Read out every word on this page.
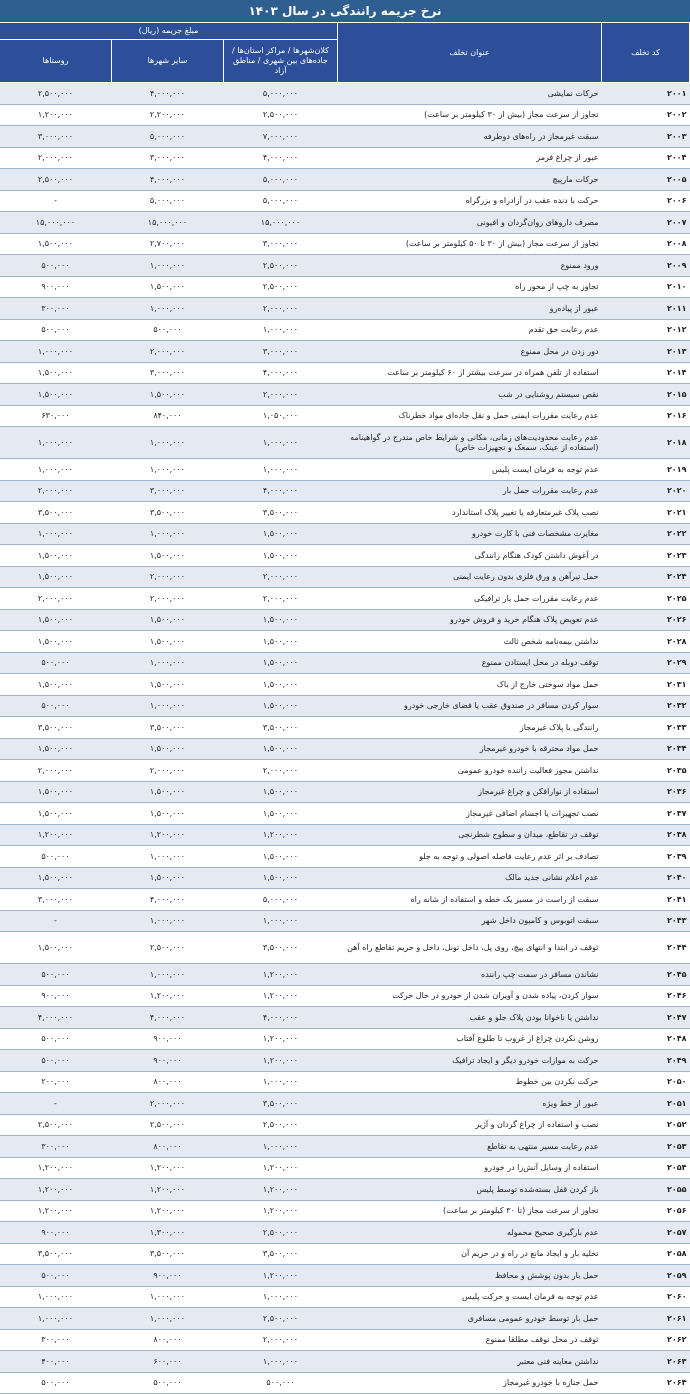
نرخ جریمه رانندگی در سال ۱۴۰۳
کد تخلف	عنوان تخلف	مبلغ جریمه (ریال)		
		کلان‌شهرها / مراکز استان‌ها / جاده‌های بین شهری / مناطق آزاد	سایر شهرها	روستاها
۲۰۰۱	حرکات نمایشی	۵,۰۰۰,۰۰۰	۴,۰۰۰,۰۰۰	۲,۵۰۰,۰۰۰
۲۰۰۲	تجاوز از سرعت مجاز (بیش از ۳۰ کیلومتر بر ساعت)	۲,۵۰۰,۰۰۰	۲,۲۰۰,۰۰۰	۱,۲۰۰,۰۰۰
۲۰۰۳	سبقت غیرمجاز در راه‌های دوطرفه	۷,۰۰۰,۰۰۰	۵,۰۰۰,۰۰۰	۳,۰۰۰,۰۰۰
۲۰۰۴	عبور از چراغ قرمز	۴,۰۰۰,۰۰۰	۳,۰۰۰,۰۰۰	۲,۰۰۰,۰۰۰
۲۰۰۵	حرکات مارپیچ	۵,۰۰۰,۰۰۰	۴,۰۰۰,۰۰۰	۲,۵۰۰,۰۰۰
۲۰۰۶	حرکت با دنده عقب در آزادراه و بزرگراه	۵,۰۰۰,۰۰۰	۵,۰۰۰,۰۰۰	-
۲۰۰۷	مصرف داروهای روان‌گردان و افیونی	۱۵,۰۰۰,۰۰۰	۱۵,۰۰۰,۰۰۰	۱۵,۰۰۰,۰۰۰
۲۰۰۸	تجاوز از سرعت مجاز (بیش از ۳۰ تا ۵۰ کیلومتر بر ساعت)	۳,۰۰۰,۰۰۰	۲,۷۰۰,۰۰۰	۱,۵۰۰,۰۰۰
۲۰۰۹	ورود ممنوع	۲,۵۰۰,۰۰۰	۱,۰۰۰,۰۰۰	۵۰۰,۰۰۰
۲۰۱۰	تجاوز به چپ از محور راه	۲,۵۰۰,۰۰۰	۱,۵۰۰,۰۰۰	۹۰۰,۰۰۰
۲۰۱۱	عبور از پیاده‌رو	۲,۰۰۰,۰۰۰	۱,۰۰۰,۰۰۰	۳۰۰,۰۰۰
۲۰۱۲	عدم رعایت حق تقدم	۱,۰۰۰,۰۰۰	۵۰۰,۰۰۰	۵۰۰,۰۰۰
۲۰۱۳	دور زدن در محل ممنوع	۳,۰۰۰,۰۰۰	۲,۰۰۰,۰۰۰	۱,۰۰۰,۰۰۰
۲۰۱۴	استفاده از تلفن همراه در سرعت بیشتر از ۶۰ کیلومتر بر ساعت	۴,۰۰۰,۰۰۰	۳,۰۰۰,۰۰۰	۱,۵۰۰,۰۰۰
۲۰۱۵	نقص سیستم روشنایی در شب	۲,۰۰۰,۰۰۰	۱,۵۰۰,۰۰۰	۱,۵۰۰,۰۰۰
۲۰۱۶	عدم رعایت مقررات ایمنی حمل و نقل جاده‌ای مواد خطرناک	۱,۰۵۰,۰۰۰	۸۴۰,۰۰۰	۶۳۰,۰۰۰
۲۰۱۸	عدم رعایت محدودیت‌های زمانی، مکانی و شرایط خاص مندرج در گواهینامه (استفاده از عینک، سمعک و تجهیزات خاص)	۱,۰۰۰,۰۰۰	۱,۰۰۰,۰۰۰	۱,۰۰۰,۰۰۰
۲۰۱۹	عدم توجه به فرمان ایست پلیس	۱,۰۰۰,۰۰۰	۱,۰۰۰,۰۰۰	۱,۰۰۰,۰۰۰
۲۰۲۰	عدم رعایت مقررات حمل بار	۴,۰۰۰,۰۰۰	۳,۰۰۰,۰۰۰	۲,۰۰۰,۰۰۰
۲۰۲۱	نصب پلاک غیرمتعارفه یا تغییر پلاک استاندارد	۳,۵۰۰,۰۰۰	۳,۵۰۰,۰۰۰	۳,۵۰۰,۰۰۰
۲۰۲۲	مغایرت مشخصات فنی با کارت خودرو	۱,۵۰۰,۰۰۰	۱,۰۰۰,۰۰۰	۱,۰۰۰,۰۰۰
۲۰۲۳	در آغوش داشتن کودک هنگام رانندگی	۱,۵۰۰,۰۰۰	۱,۵۰۰,۰۰۰	۱,۵۰۰,۰۰۰
۲۰۲۴	حمل تیرآهن و ورق فلزی بدون رعایت ایمنی	۲,۰۰۰,۰۰۰	۲,۰۰۰,۰۰۰	۱,۵۰۰,۰۰۰
۲۰۲۵	عدم رعایت مقررات حمل بار ترافیکی	۲,۰۰۰,۰۰۰	۲,۰۰۰,۰۰۰	۲,۰۰۰,۰۰۰
۲۰۲۶	عدم تعویض پلاک هنگام خرید و فروش خودرو	۱,۵۰۰,۰۰۰	۱,۵۰۰,۰۰۰	۱,۵۰۰,۰۰۰
۲۰۲۸	نداشتن بیمه‌نامه شخص ثالث	۱,۵۰۰,۰۰۰	۱,۵۰۰,۰۰۰	۱,۵۰۰,۰۰۰
۲۰۲۹	توقف دوبله در محل ایستادن ممنوع	۱,۵۰۰,۰۰۰	۱,۰۰۰,۰۰۰	۵۰۰,۰۰۰
۲۰۳۱	حمل مواد سوختی خارج از باک	۱,۵۰۰,۰۰۰	۱,۵۰۰,۰۰۰	۱,۵۰۰,۰۰۰
۲۰۳۲	سوار کردن مسافر در صندوق عقب یا فضای خارجی خودرو	۱,۵۰۰,۰۰۰	۱,۰۰۰,۰۰۰	۵۰۰,۰۰۰
۲۰۳۳	رانندگی با پلاک غیرمجاز	۳,۵۰۰,۰۰۰	۳,۵۰۰,۰۰۰	۳,۵۰۰,۰۰۰
۲۰۳۴	حمل مواد محترقه با خودرو غیرمجاز	۱,۵۰۰,۰۰۰	۱,۵۰۰,۰۰۰	۱,۵۰۰,۰۰۰
۲۰۳۵	نداشتن مجوز فعالیت راننده خودرو عمومی	۲,۰۰۰,۰۰۰	۲,۰۰۰,۰۰۰	۲,۰۰۰,۰۰۰
۲۰۳۶	استفاده از نوارافکن و چراغ غیرمجاز	۱,۵۰۰,۰۰۰	۱,۵۰۰,۰۰۰	۱,۵۰۰,۰۰۰
۲۰۳۷	نصب تجهیزات یا اجسام اضافی غیرمجاز	۱,۵۰۰,۰۰۰	۱,۵۰۰,۰۰۰	۱,۵۰۰,۰۰۰
۲۰۳۸	توقف در تقاطع، میدان و سطوح شطرنجی	۱,۲۰۰,۰۰۰	۱,۲۰۰,۰۰۰	۱,۲۰۰,۰۰۰
۲۰۳۹	تصادف بر اثر عدم رعایت فاصله اصولی و توجه به جلو	۱,۵۰۰,۰۰۰	۱,۰۰۰,۰۰۰	۵۰۰,۰۰۰
۲۰۴۰	عدم اعلام نشانی جدید مالک	۱,۵۰۰,۰۰۰	۱,۵۰۰,۰۰۰	۱,۵۰۰,۰۰۰
۲۰۴۱	سبقت از راست در مسیر یک خطه و استفاده از شانه راه	۵,۰۰۰,۰۰۰	۴,۰۰۰,۰۰۰	۳,۰۰۰,۰۰۰
۲۰۴۳	سبقت اتوبوس و کامیون داخل شهر	۱,۰۰۰,۰۰۰	۱,۰۰۰,۰۰۰	-
۲۰۴۴	توقف در ابتدا و انتهای پیچ، روی پل، داخل تونل، داخل و حریم تقاطع راه آهن	۳,۵۰۰,۰۰۰	۲,۵۰۰,۰۰۰	۱,۵۰۰,۰۰۰
۲۰۴۵	نشاندن مسافر در سمت چپ راننده	۱,۲۰۰,۰۰۰	۱,۰۰۰,۰۰۰	۵۰۰,۰۰۰
۲۰۴۶	سوار کردن، پیاده شدن و آویزان شدن از خودرو در حال حرکت	۱,۲۰۰,۰۰۰	۱,۲۰۰,۰۰۰	۹۰۰,۰۰۰
۲۰۴۷	نداشتن یا ناخوانا بودن پلاک جلو و عقب	۴,۰۰۰,۰۰۰	۴,۰۰۰,۰۰۰	۴,۰۰۰,۰۰۰
۲۰۴۸	روشن نکردن چراغ از غروب تا طلوع آفتاب	۱,۲۰۰,۰۰۰	۹۰۰,۰۰۰	۵۰۰,۰۰۰
۲۰۴۹	حرکت به موازات خودرو دیگر و ایجاد ترافیک	۱,۲۰۰,۰۰۰	۹۰۰,۰۰۰	۵۰۰,۰۰۰
۲۰۵۰	حرکت نکردن بین خطوط	۱,۰۰۰,۰۰۰	۸۰۰,۰۰۰	۲۰۰,۰۰۰
۲۰۵۱	عبور از خط ویژه	۳,۵۰۰,۰۰۰	۲,۰۰۰,۰۰۰	-
۲۰۵۲	نصب و استفاده از چراغ گردان و آژیر	۲,۵۰۰,۰۰۰	۲,۵۰۰,۰۰۰	۲,۵۰۰,۰۰۰
۲۰۵۳	عدم رعایت مسیر منتهی به تقاطع	۱,۰۰۰,۰۰۰	۸۰۰,۰۰۰	۳۰۰,۰۰۰
۲۰۵۴	استفاده از وسایل آتش‌زا در خودرو	۱,۲۰۰,۰۰۰	۱,۲۰۰,۰۰۰	۱,۲۰۰,۰۰۰
۲۰۵۵	باز کردن قفل بسته‌شده توسط پلیس	۱,۲۰۰,۰۰۰	۱,۲۰۰,۰۰۰	۱,۲۰۰,۰۰۰
۲۰۵۶	تجاوز از سرعت مجاز (تا ۳۰ کیلومتر بر ساعت)	۱,۲۰۰,۰۰۰	۱,۲۰۰,۰۰۰	۱,۲۰۰,۰۰۰
۲۰۵۷	عدم بارگیری صحیح محموله	۲,۵۰۰,۰۰۰	۱,۳۰۰,۰۰۰	۹۰۰,۰۰۰
۲۰۵۸	تخلیه بار و ایجاد مانع در راه و در حریم آن	۳,۵۰۰,۰۰۰	۳,۵۰۰,۰۰۰	۳,۵۰۰,۰۰۰
۲۰۵۹	حمل بار بدون پوشش و محافظ	۱,۲۰۰,۰۰۰	۹۰۰,۰۰۰	۵۰۰,۰۰۰
۲۰۶۰	عدم توجه به فرمان ایست و حرکت پلیس	۱,۰۰۰,۰۰۰	۱,۰۰۰,۰۰۰	۱,۰۰۰,۰۰۰
۲۰۶۱	حمل بار توسط خودرو عمومی مسافری	۲,۵۰۰,۰۰۰	۱,۰۰۰,۰۰۰	۱,۰۰۰,۰۰۰
۲۰۶۲	توقف در محل توقف مطلقا ممنوع	۲,۰۰۰,۰۰۰	۸۰۰,۰۰۰	۳۰۰,۰۰۰
۲۰۶۳	نداشتن معاینه فنی معتبر	۱,۰۰۰,۰۰۰	۶۰۰,۰۰۰	۴۰۰,۰۰۰
۲۰۶۴	حمل جنازه با خودرو غیرمجاز	۵۰۰,۰۰۰	۵۰۰,۰۰۰	۵۰۰,۰۰۰
